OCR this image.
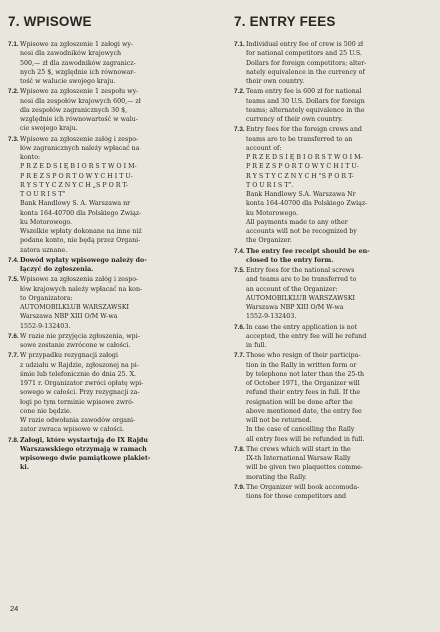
7. WPISOWE
7.1. Wpisowe za zgłoszenie 1 załogi wy-
nosi dla zawodników krajowych
500,— zł dla zawodników zagranicz-
nych 25 $, względnie ich równowar-
tość w walucie swojego kraju.
7.2. Wpisowe za zgłoszenie 1 zespołu wy-
nosi dla zespołów krajowych 600,— zł
dla zespołów zagranicznych 30 $,
względnie ich równowartość w walu-
cie swojego kraju.
7.3. Wpisowe za zgłoszenie załóg i zespo-
łów zagranicznych należy wpłacać na
konto:
P R Z E D S I Ę B I O R S T W O I M-
P R E Z S P O R T O W Y C H I T U-
R Y S T Y C Z N Y C H „S P O R T-
T O U R I S T"
Bank Handlowy S. A. Warszawa nr
konta 164-40700 dla Polskiego Związ-
ku Motorowego.
Wszelkie wpłaty dokonane na inne niż
podane konto, nie będą przez Organi-
zatora uznane.
7.4. Dowód wpłaty wpisowego należy do-
łączyć do zgłoszenia.
7.5. Wpisowe za zgłoszenia załóg i zespo-
łów krajowych należy wpłacać na kon-
to Organizatora:
AUTOMOBILKLUB WARSZAWSKI
Warszawa NBP XIII O/M W-wa
1552-9-132403.
7.6. W razie nie przyjęcia zgłoszenia, wpi-
sowe zostanie zwrócone w całości.
7.7. W przypadku rezygnacji załogi
z udziału w Rajdzie, zgłoszonej na pi-
śmie lub telefonicznie do dnia 25. X.
1971 r. Organizator zwróci opłatę wpi-
sowego w całości. Przy rezygnacji za-
łogi po tym terminie wpisowe zwró-
cone nie będzie.
W razie odwołania zawodów organi-
zator zwraca wpisowe w całości.
7.8. Załogi, które wystartują do IX Rajdu
Warszawskiego otrzymają w ramach
wpisowego dwie pamiątkowe plakiet-
ki.
7. ENTRY FEES
7.1. Individual entry fee of crew is 500 zł
for national competitors and 25 U.S.
Dollars for foreign competitors; alter-
nately equivalence in the currency of
their own country.
7.2. Team entry fee is 600 zł for national
teams and 30 U.S. Dollars for foreign
teams; alternately equivalence in the
currency of their own country.
7.3. Entry fees for the foreign crews and
teams are to be transferred to an
account of:
P R Z E D S I Ę B I O R S T W O I M-
P R E Z S P O R T O W Y C H I T U-
R Y S T Y C Z N Y C H "S P O R T-
T O U R I S T".
Bank Handlowy S.A. Warszawa Nr
konta 164-40700 dla Polskiego Związ-
ku Motorowego.
All payments made to any other
accounts will not be recognized by
the Organizer.
7.4. The entry fee receipt should be en-
closed to the entry form.
7.5. Entry fees for the national screws
and teams are to be transferred to
an account of the Organizer:
AUTOMOBILKLUB WARSZAWSKI
Warszawa NBP XIII O/M W-wa
1552-9-132403.
7.6. In case the entry application is not
accepted, the entry fee will be refund
in full.
7.7. Those who resign of their participa-
tion in the Rally in written form or
by telephone not later than the 25-th
of October 1971, the Organizer will
refund their entry fees in full. If the
resignation will be done after the
above mentioned date, the entry fee
will not be returned.
In the case of cancelling the Rally
all entry fees will be refunded in full.
7.8. The crews which will start in the
IX-th International Warsaw Rally
will be given two plaquettes comme-
morating the Rally.
7.9. The Organizer will book accomoda-
tions for those competitors and
24
